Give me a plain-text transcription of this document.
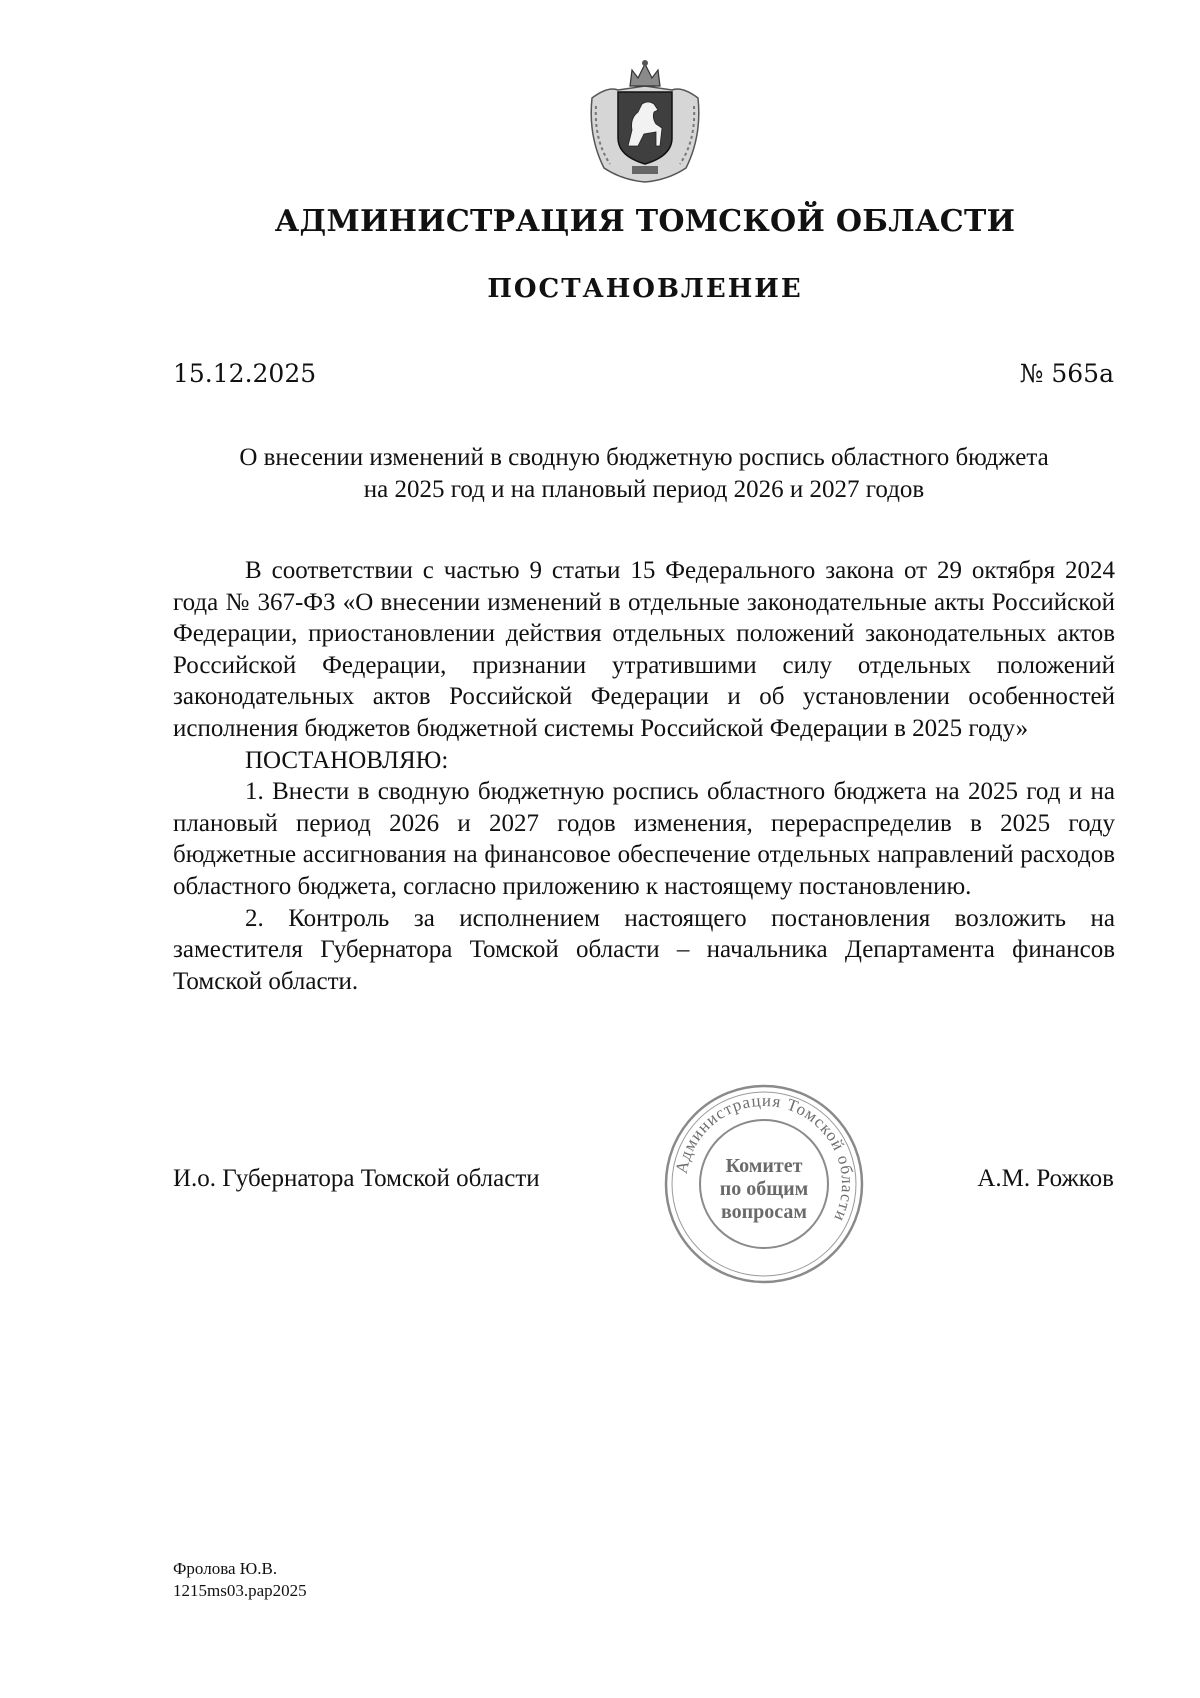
АДМИНИСТРАЦИЯ ТОМСКОЙ ОБЛАСТИ
ПОСТАНОВЛЕНИЕ
15.12.2025	№ 565а
О внесении изменений в сводную бюджетную роспись областного бюджета
на 2025 год и на плановый период 2026 и 2027 годов

В соответствии с частью 9 статьи 15 Федерального закона от 29 октября 2024 года № 367-ФЗ «О внесении изменений в отдельные законодательные акты Российской Федерации, приостановлении действия отдельных положений законодательных актов Российской Федерации, признании утратившими силу отдельных положений законодательных актов Российской Федерации и об установлении особенностей исполнения бюджетов бюджетной системы Российской Федерации в 2025 году»

ПОСТАНОВЛЯЮ:

1. Внести в сводную бюджетную роспись областного бюджета на 2025 год и на плановый период 2026 и 2027 годов изменения, перераспределив в 2025 году бюджетные ассигнования на финансовое обеспечение отдельных направлений расходов областного бюджета, согласно приложению к настоящему постановлению.

2. Контроль за исполнением настоящего постановления возложить на заместителя Губернатора Томской области – начальника Департамента финансов Томской области.

И.о. Губернатора Томской области	Администрация Томской области
Комитет
по общим
вопросам
А.М. Рожков
Фролова Ю.В.
1215ms03.pap2025
